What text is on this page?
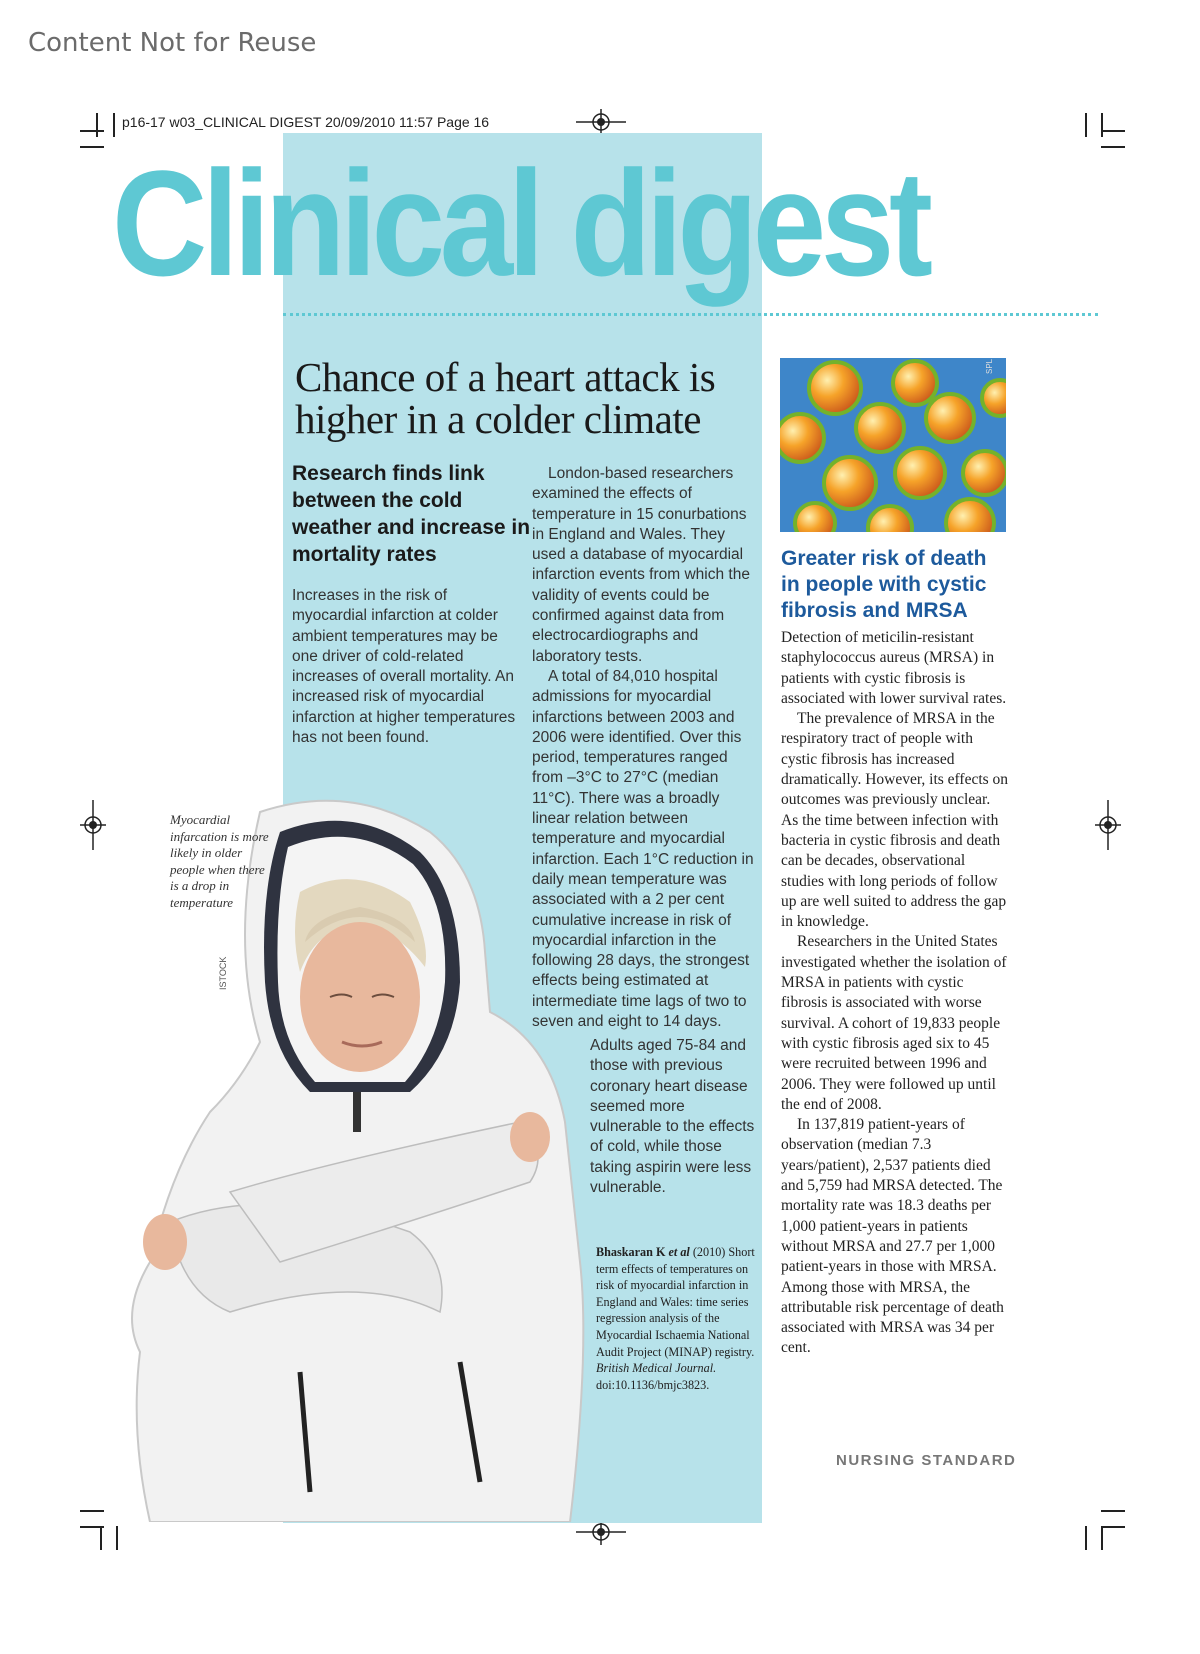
Content Not for Reuse
p16-17 w03_CLINICAL DIGEST 20/09/2010 11:57 Page 16
Clinical digest
Chance of a heart attack is
higher in a colder climate
Research finds link between the cold weather and increase in mortality rates
Increases in the risk of myocardial infarction at colder ambient temperatures may be one driver of cold-related increases of overall mortality. An increased risk of myocardial infarction at higher temperatures has not been found.

London-based researchers examined the effects of temperature in 15 conurbations in England and Wales. They used a database of myocardial infarction events from which the validity of events could be confirmed against data from electrocardiographs and laboratory tests.

A total of 84,010 hospital admissions for myocardial infarctions between 2003 and 2006 were identified. Over this period, temperatures ranged from –3°C to 27°C (median 11°C). There was a broadly linear relation between temperature and myocardial infarction. Each 1°C reduction in daily mean temperature was associated with a 2 per cent cumulative increase in risk of myocardial infarction in the following 28 days, the strongest effects being estimated at intermediate time lags of two to seven and eight to 14 days.

Myocardial infarcation is more likely in older people when there is a drop in temperature
ISTOCK

Adults aged 75-84 and those with previous coronary heart disease seemed more vulnerable to the effects of cold, while those taking aspirin were less vulnerable.

Bhaskaran K et al (2010) Short term effects of temperatures on risk of myocardial infarction in England and Wales: time series regression analysis of the Myocardial Ischaemia National Audit Project (MINAP) registry. British Medical Journal. doi:10.1136/bmjc3823.
SPL
Greater risk of death in people with cystic fibrosis and MRSA

Detection of meticilin-resistant staphylococcus aureus (MRSA) in patients with cystic fibrosis is associated with lower survival rates.

The prevalence of MRSA in the respiratory tract of people with cystic fibrosis has increased dramatically. However, its effects on outcomes was previously unclear. As the time between infection with bacteria in cystic fibrosis and death can be decades, observational studies with long periods of follow up are well suited to address the gap in knowledge.

Researchers in the United States investigated whether the isolation of MRSA in patients with cystic fibrosis is associated with worse survival. A cohort of 19,833 people with cystic fibrosis aged six to 45 were recruited between 1996 and 2006. They were followed up until the end of 2008.

In 137,819 patient-years of observation (median 7.3 years/patient), 2,537 patients died and 5,759 had MRSA detected. The mortality rate was 18.3 deaths per 1,000 patient-years in patients without MRSA and 27.7 per 1,000 patient-years in those with MRSA. Among those with MRSA, the attributable risk percentage of death associated with MRSA was 34 per cent.

NURSING STANDARD
